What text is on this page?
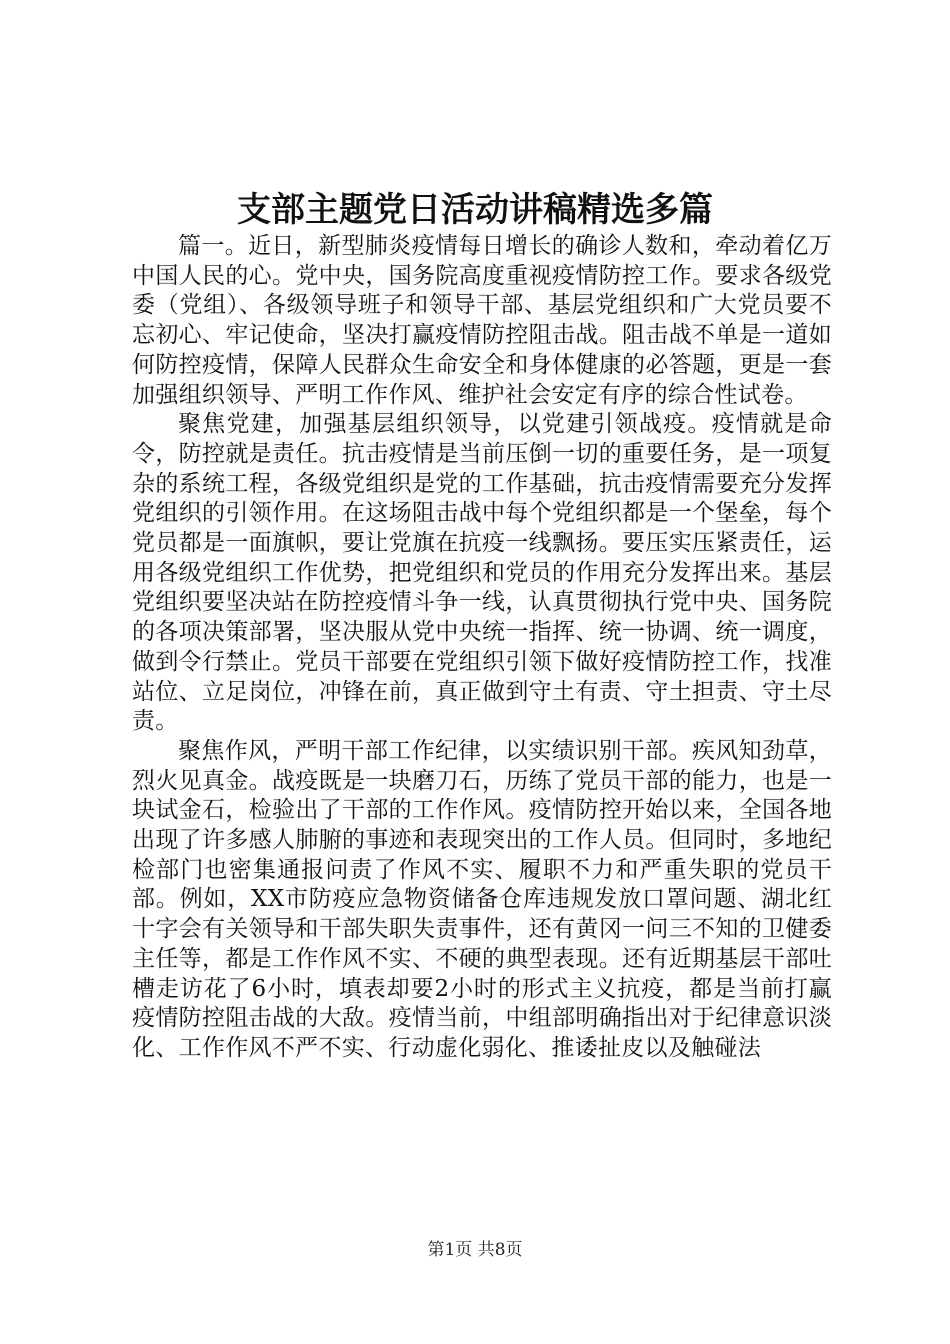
支部主题党日活动讲稿精选多篇

篇一。近日，新型肺炎疫情每日增长的确诊人数和，牵动着亿万中国人民的心。党中央，国务院高度重视疫情防控工作。要求各级党委（党组）、各级领导班子和领导干部、基层党组织和广大党员要不忘初心、牢记使命，坚决打赢疫情防控阻击战。阻击战不单是一道如何防控疫情，保障人民群众生命安全和身体健康的必答题，更是一套加强组织领导、严明工作作风、维护社会安定有序的综合性试卷。

聚焦党建，加强基层组织领导，以党建引领战疫。疫情就是命令，防控就是责任。抗击疫情是当前压倒一切的重要任务，是一项复杂的系统工程，各级党组织是党的工作基础，抗击疫情需要充分发挥党组织的引领作用。在这场阻击战中每个党组织都是一个堡垒，每个党员都是一面旗帜，要让党旗在抗疫一线飘扬。要压实压紧责任，运用各级党组织工作优势，把党组织和党员的作用充分发挥出来。基层党组织要坚决站在防控疫情斗争一线，认真贯彻执行党中央、国务院的各项决策部署，坚决服从党中央统一指挥、统一协调、统一调度，做到令行禁止。党员干部要在党组织引领下做好疫情防控工作，找准站位、立足岗位，冲锋在前，真正做到守土有责、守土担责、守土尽责。

聚焦作风，严明干部工作纪律，以实绩识别干部。疾风知劲草，烈火见真金。战疫既是一块磨刀石，历练了党员干部的能力，也是一块试金石，检验出了干部的工作作风。疫情防控开始以来，全国各地出现了许多感人肺腑的事迹和表现突出的工作人员。但同时，多地纪检部门也密集通报问责了作风不实、履职不力和严重失职的党员干部。例如，XX市防疫应急物资储备仓库违规发放口罩问题、湖北红十字会有关领导和干部失职失责事件，还有黄冈一问三不知的卫健委主任等，都是工作作风不实、不硬的典型表现。还有近期基层干部吐槽走访花了6小时，填表却要2小时的形式主义抗疫，都是当前打赢疫情防控阻击战的大敌。疫情当前，中组部明确指出对于纪律意识淡化、工作作风不严不实、行动虚化弱化、推诿扯皮以及触碰法

第1页 共8页
